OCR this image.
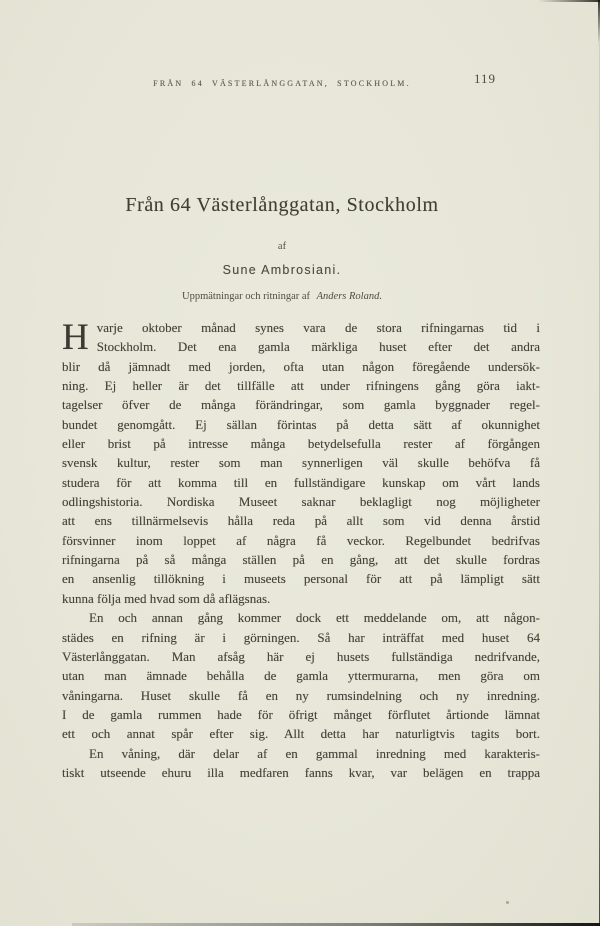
FRÅN 64 VÄSTERLÅNGGATAN, STOCKHOLM.	119
Från 64 Västerlånggatan, Stockholm
af
Sune Ambrosiani.
Uppmätningar och ritningar af Anders Roland.
H varje oktober månad synes vara de stora rifningarnas tid i
Stockholm. Det ena gamla märkliga huset efter det andra
blir då jämnadt med jorden, ofta utan någon föregående undersök-
ning. Ej heller är det tillfälle att under rifningens gång göra iakt-
tagelser öfver de många förändringar, som gamla byggnader regel-
bundet genomgått. Ej sällan förintas på detta sätt af okunnighet
eller brist på intresse många betydelsefulla rester af förgången
svensk kultur, rester som man synnerligen väl skulle behöfva få
studera för att komma till en fullständigare kunskap om vårt lands
odlingshistoria. Nordiska Museet saknar beklagligt nog möjligheter
att ens tillnärmelsevis hålla reda på allt som vid denna årstid
försvinner inom loppet af några få veckor. Regelbundet bedrifvas
rifningarna på så många ställen på en gång, att det skulle fordras
en ansenlig tillökning i museets personal för att på lämpligt sätt
kunna följa med hvad som då aflägsnas.
En och annan gång kommer dock ett meddelande om, att någon-
städes en rifning är i görningen. Så har inträffat med huset 64
Västerlånggatan. Man afsåg här ej husets fullständiga nedrifvande,
utan man ämnade behålla de gamla yttermurarna, men göra om
våningarna. Huset skulle få en ny rumsindelning och ny inredning.
I de gamla rummen hade för öfrigt månget förflutet årtionde lämnat
ett och annat spår efter sig. Allt detta har naturligtvis tagits bort.
En våning, där delar af en gammal inredning med karakteris-
tiskt utseende ehuru illa medfaren fanns kvar, var belägen en trappa
